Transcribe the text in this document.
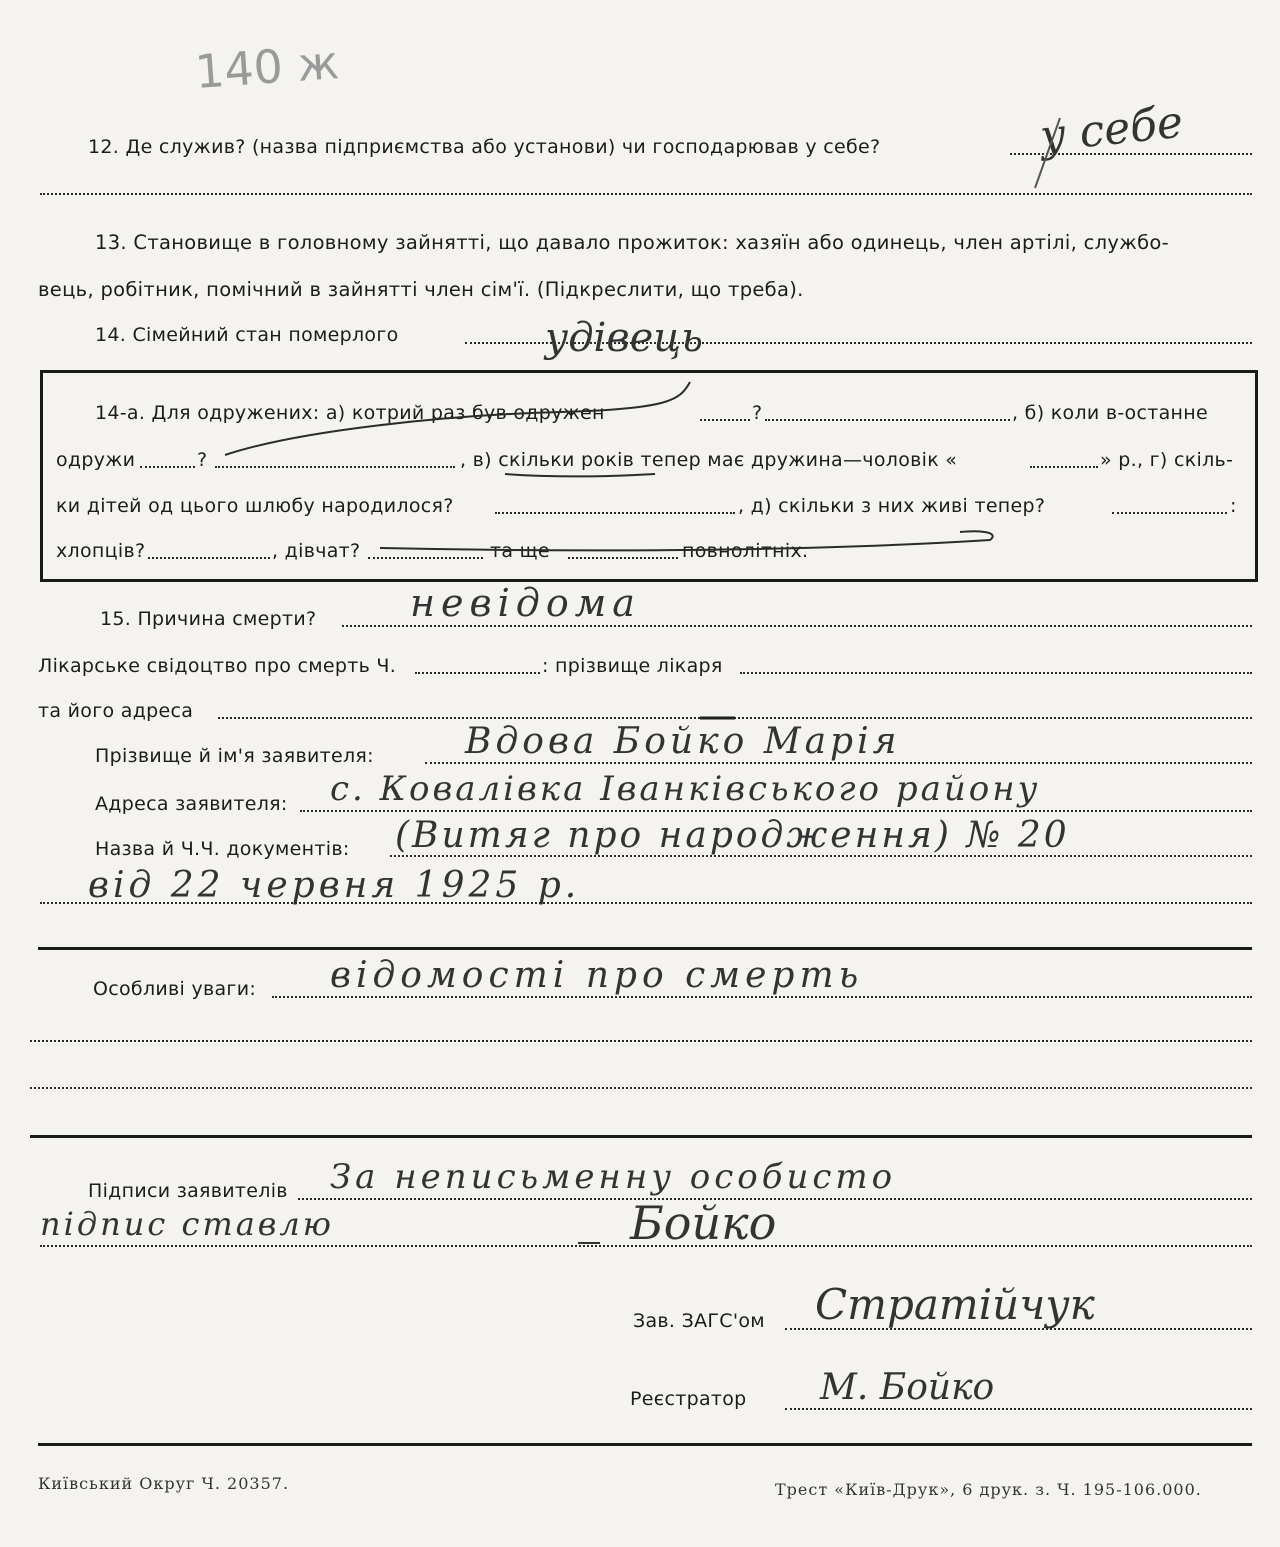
140 ж
12. Де служив? (назва підприємства або установи) чи господарював у себе?	у себе
13. Становище в головному зайнятті, що давало прожиток: хазяїн або одинець, член артілі, службо-
вець, робітник, помічний в зайнятті член сім'ї. (Підкреслити, що треба).
14. Сімейний стан померлого	удівець
14-а. Для одружених: а) котрий раз був одружен	?	, б) коли в-останне
одружи	?	, в) скільки років тепер має дружина—чоловік «	» р., г) скіль-
ки дітей од цього шлюбу народилося?	, д) скільки з них живі тепер?	:
хлопців?	, дівчат?	та ще	повнолітніх.
15. Причина смерти? невідома
Лікарське свідоцтво про смерть Ч.	: прізвище лікаря
та його адреса
Прізвище й ім'я заявителя:	Вдова Бойко Марія
Адреса заявителя: с. Ковалівка Іванківського району
Назва й Ч.Ч. документів: (Витяг про народження) № 20
від 22 червня 1925 р.
Особливі уваги: відомості про смерть
Підписи заявителів За неписьменну особисто
підпис ставлю	Бойко
Зав. ЗАГС'ом Стратійчук
Реєстратор М. Бойко
Київський Округ Ч. 20357.	Трест «Київ-Друк», 6 друк. з. Ч. 195-106.000.
